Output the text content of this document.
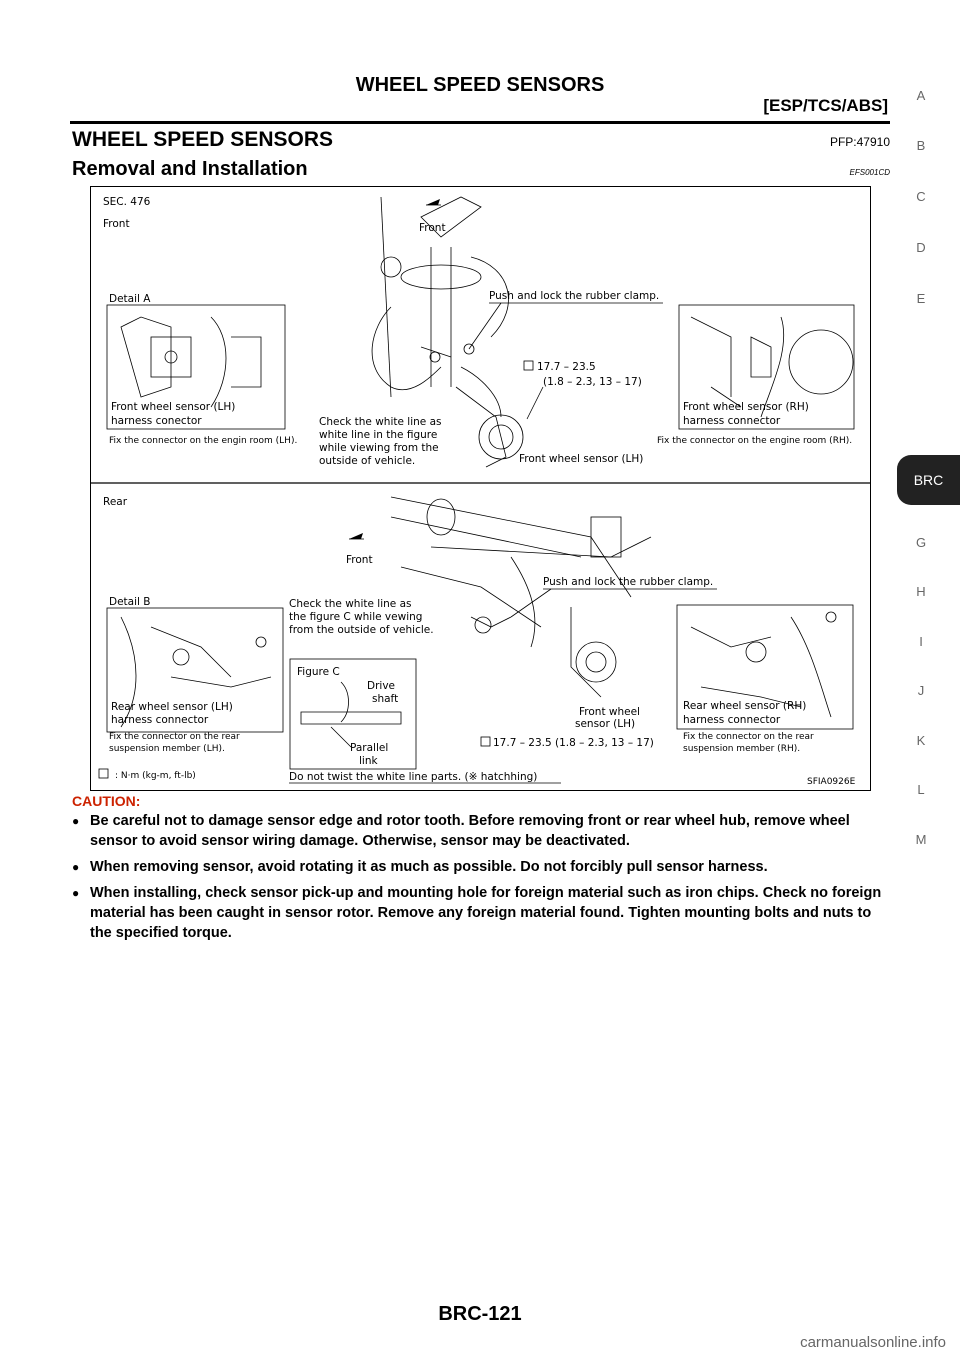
WHEEL SPEED SENSORS
[ESP/TCS/ABS]
WHEEL SPEED SENSORS	PFP:47910
Removal and Installation	EFS001CD
SEC. 476
Front	Front
Detail A
Front wheel sensor (LH)
harness conector
Fix the connector on the engin room (LH).
Push and lock the rubber clamp.
17.7 – 23.5
(1.8 – 2.3, 13 – 17)
Check the white line as
white line in the figure
while viewing from the
outside of vehicle.	Front wheel sensor (LH)
Front wheel sensor (RH)
harness connector
Fix the connector on the engine room (RH).
Rear
Front
Push and lock the rubber clamp.
Check the white line as
the figure C while vewing
from the outside of vehicle.
Detail B
Rear wheel sensor (LH)
harness connector
Fix the connector on the rear
suspension member (LH).
Figure C
Drive
shaft
Parallel
link
Front wheel
sensor (LH)
17.7 – 23.5 (1.8 – 2.3, 13 – 17)
Rear wheel sensor (RH)
harness connector
Fix the connector on the rear
suspension member (RH).
: N·m (kg-m, ft-lb)	Do not twist the white line parts. (※ hatchhing)	SFIA0926E
CAUTION:
● Be careful not to damage sensor edge and rotor tooth. Before removing front or rear wheel hub, remove wheel sensor to avoid sensor wiring damage. Otherwise, sensor may be deactivated.
● When removing sensor, avoid rotating it as much as possible. Do not forcibly pull sensor harness.
● When installing, check sensor pick-up and mounting hole for foreign material such as iron chips. Check no foreign material has been caught in sensor rotor. Remove any foreign material found. Tighten mounting bolts and nuts to the specified torque.
A
B
C
D
E
G
H
I
J
K
L
M
BRC
BRC-121
carmanualsonline.info
